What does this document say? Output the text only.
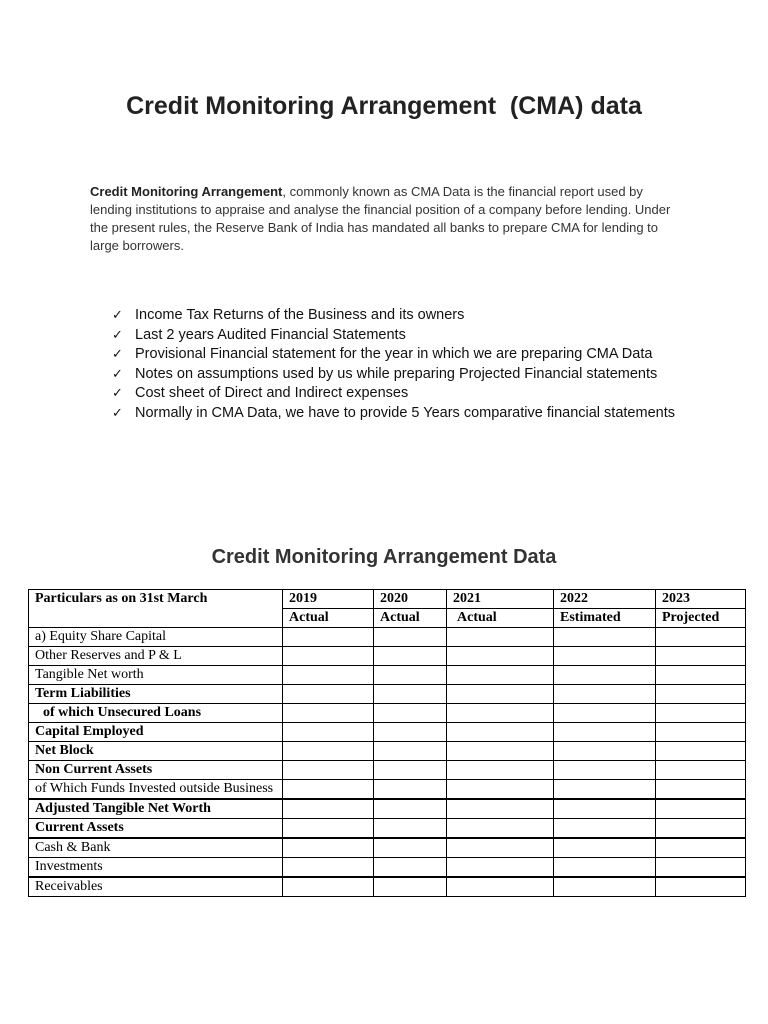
Credit Monitoring Arrangement  (CMA) data
Credit Monitoring Arrangement, commonly known as CMA Data is the financial report used by lending institutions to appraise and analyse the financial position of a company before lending. Under the present rules, the Reserve Bank of India has mandated all banks to prepare CMA for lending to large borrowers.
✓ Income Tax Returns of the Business and its owners
✓ Last 2 years Audited Financial Statements
✓ Provisional Financial statement for the year in which we are preparing CMA Data
✓ Notes on assumptions used by us while preparing Projected Financial statements
✓ Cost sheet of Direct and Indirect expenses
✓ Normally in CMA Data, we have to provide 5 Years comparative financial statements
Credit Monitoring Arrangement Data
Particulars as on 31st March	2019	2020	2021	2022	2023
	Actual	Actual	Actual	Estimated	Projected
a) Equity Share Capital					
Other Reserves and P & L					
Tangible Net worth					
Term Liabilities					
of which Unsecured Loans					
Capital Employed					
Net Block					
Non Current Assets					
of Which Funds Invested outside Business					
Adjusted Tangible Net Worth					
Current Assets					
Cash & Bank					
Investments					
Receivables					
